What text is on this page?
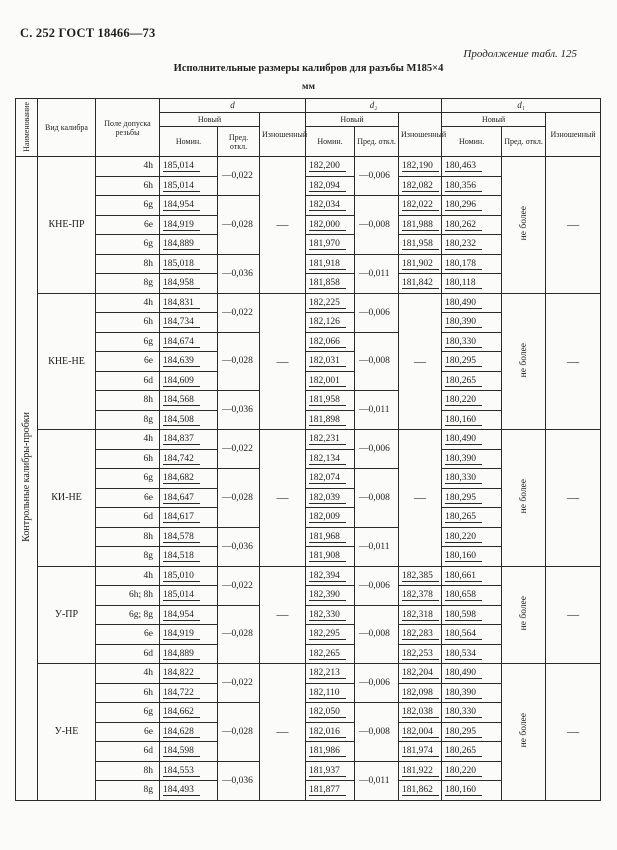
С. 252 ГОСТ 18466—73
Продолжение табл. 125
Исполнительные размеры калибров для разъбы М185×4
мм
Наименование	Вид калибра	Поле допуска резьбы	d			d₂			d₁		
			Новый		Изношенный	Новый		Изношенный	Новый		Изношенный
			Номин.	Пред. откл.		Номин.	Пред. откл.		Номин.	Пред. откл.	
Контрольные калибры-пробки	КНЕ-ПР	4h	185,014	—0,022	—	182,200	—0,006	182,190	180,463	не более	—
		6h	185,014			182,094		182,082	180,356		
		6g	184,954	—0,028		182,034	—0,008	182,022	180,296		
		6e	184,919			182,000		181,988	180,262		
		6g	184,889			181,970		181,958	180,232		
		8h	185,018	—0,036		181,918	—0,011	181,902	180,178		
		8g	184,958			181,858		181,842	180,118		
	КНЕ-НЕ	4h	184,831	—0,022	—	182,225	—0,006	—	180,490	не более	—
		6h	184,734			182,126			180,390		
		6g	184,674	—0,028		182,066	—0,008		180,330		
		6e	184,639			182,031			180,295		
		6d	184,609			182,001			180,265		
		8h	184,568	—0,036		181,958	—0,011		180,220		
		8g	184,508			181,898			180,160		
	КИ-НЕ	4h	184,837	—0,022	—	182,231	—0,006	—	180,490	не более	—
		6h	184,742			182,134			180,390		
		6g	184,682	—0,028		182,074	—0,008		180,330		
		6e	184,647			182,039			180,295		
		6d	184,617			182,009			180,265		
		8h	184,578	—0,036		181,968	—0,011		180,220		
		8g	184,518			181,908			180,160		
	У-ПР	4h	185,010	—0,022	—	182,394	—0,006	182,385	180,661	не более	—
		6h; 8h	185,014			182,390		182,378	180,658		
		6g; 8g	184,954	—0,028		182,330	—0,008	182,318	180,598		
		6e	184,919			182,295		182,283	180,564		
		6d	184,889			182,265		182,253	180,534		
	У-НЕ	4h	184,822	—0,022	—	182,213	—0,006	182,204	180,490	не более	—
		6h	184,722			182,110		182,098	180,390		
		6g	184,662	—0,028		182,050	—0,008	182,038	180,330		
		6e	184,628			182,016		182,004	180,295		
		6d	184,598			181,986		181,974	180,265		
		8h	184,553	—0,036		181,937	—0,011	181,922	180,220		
		8g	184,493			181,877		181,862	180,160		
